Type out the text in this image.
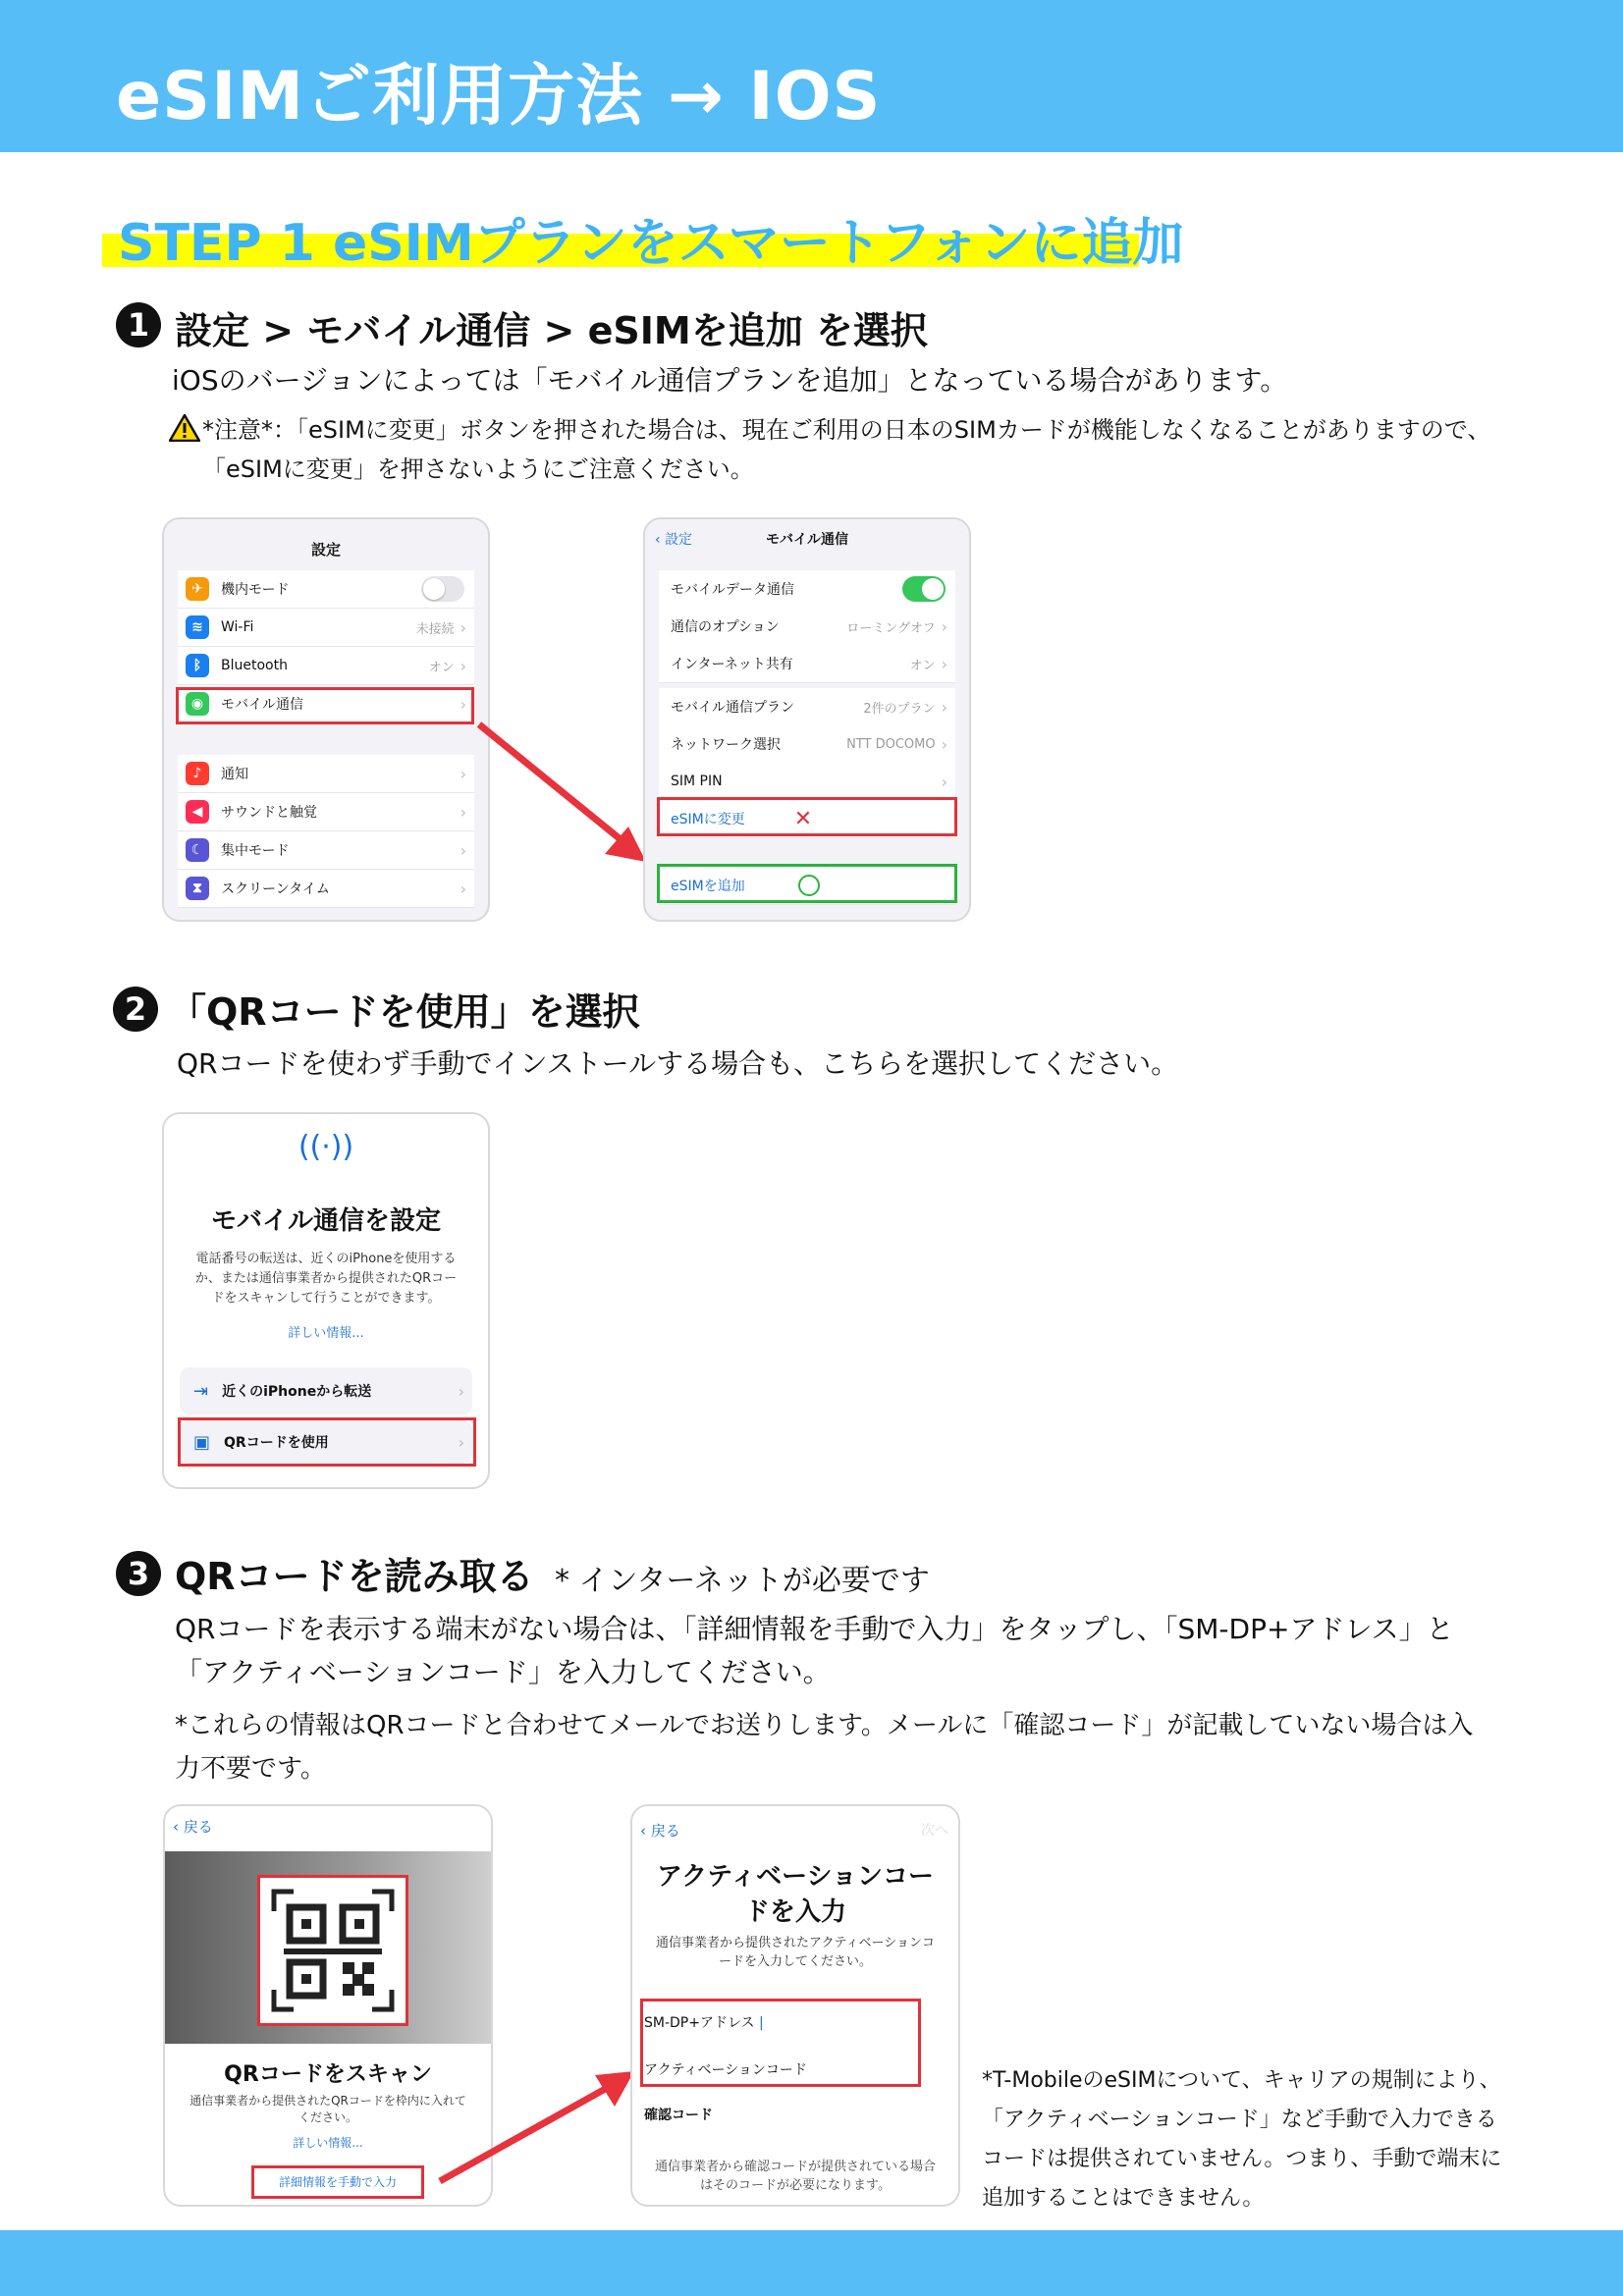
eSIMご利用方法 → IOS
STEP 1 eSIMプランをスマートフォンに追加
1 設定 > モバイル通信 > eSIMを追加 を選択
iOSのバージョンによっては「モバイル通信プランを追加」となっている場合があります。
*注意*：「eSIMに変更」ボタンを押された場合は、現在ご利用の日本のSIMカードが機能しなくなることがありますので、
「eSIMに変更」を押さないようにご注意ください。
設定
✈	機内モード
≋	Wi-Fi	未接続 ›
ᛒ	Bluetooth	オン ›
◉	モバイル通信	›
♪	通知	›
◀	サウンドと触覚	›
☾	集中モード	›
⧗	スクリーンタイム	›
‹ 設定	モバイル通信
モバイルデータ通信
通信のオプション	ローミングオフ ›
インターネット共有	オン ›
モバイル通信プラン	2件のプラン ›
ネットワーク選択	NTT DOCOMO ›
SIM PIN	›
eSIMに変更 ✕
eSIMを追加
2 「QRコードを使用」を選択
QRコードを使わず手動でインストールする場合も、こちらを選択してください。
((·))
モバイル通信を設定
電話番号の転送は、近くのiPhoneを使用するか、または通信事業者から提供されたQRコードをスキャンして行うことができます。
詳しい情報...
⇥ 近くのiPhoneから転送	›
▣ QRコードを使用	›
3 QRコードを読み取る * インターネットが必要です
QRコードを表示する端末がない場合は、「詳細情報を手動で入力」をタップし、「SM-DP+アドレス」と「アクティベーションコード」を入力してください。
*これらの情報はQRコードと合わせてメールでお送りします。メールに「確認コード」が記載していない場合は入力不要です。
‹ 戻る
QRコードをスキャン
通信事業者から提供されたQRコードを枠内に入れてください。
詳しい情報...
詳細情報を手動で入力
‹ 戻る	次へ
アクティベーションコードを入力
通信事業者から提供されたアクティベーションコードを入力してください。
SM-DP+アドレス |
アクティベーションコード
確認コード
通信事業者から確認コードが提供されている場合はそのコードが必要になります。
*T-MobileのeSIMについて、キャリアの規制により、「アクティベーションコード」など手動で入力できるコードは提供されていません。つまり、手動で端末に追加することはできません。
